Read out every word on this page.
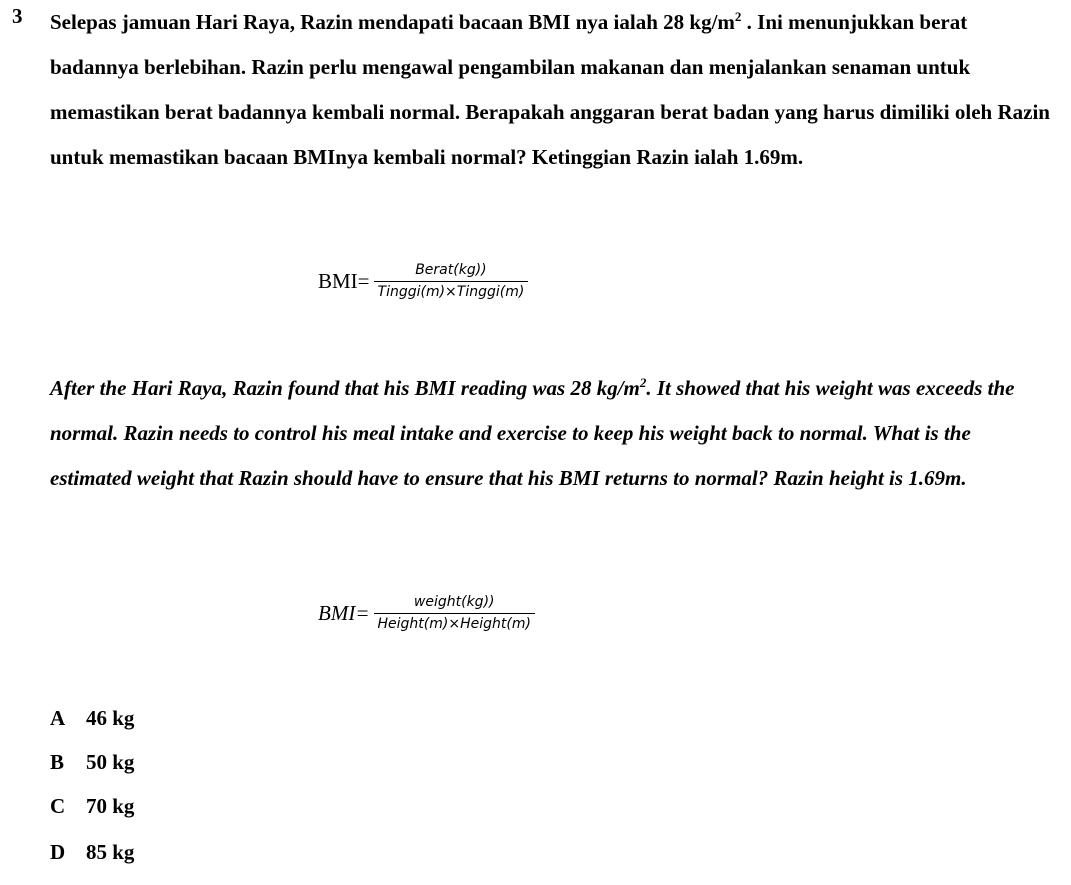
3 Selepas jamuan Hari Raya, Razin mendapati bacaan BMI nya ialah 28 $kg/m^2$ . Ini menunjukkan berat badannya berlebihan. Razin perlu mengawal pengambilan makanan dan menjalankan senaman untuk memastikan berat badannya kembali normal. Berapakah anggaran berat badan yang harus dimiliki oleh Razin untuk memastikan bacaan BMInya kembali normal? Ketinggian Razin ialah 1.69m.
$BMI= \frac{\text{Berat(kg))}}{\text{Tinggi(m)×Tinggi(m)}}$
After the Hari Raya, Razin found that his BMI reading was 28 $kg/m^2$. It showed that his weight was exceeds the normal. Razin needs to control his meal intake and exercise to keep his weight back to normal. What is the estimated weight that Razin should have to ensure that his BMI returns to normal? Razin height is 1.69m.
$BMI= \frac{\text{weight(kg))}}{\text{Height(m)×Height(m)}}$
A 46 kg
B	50 kg
C 70 kg
D 85 kg
